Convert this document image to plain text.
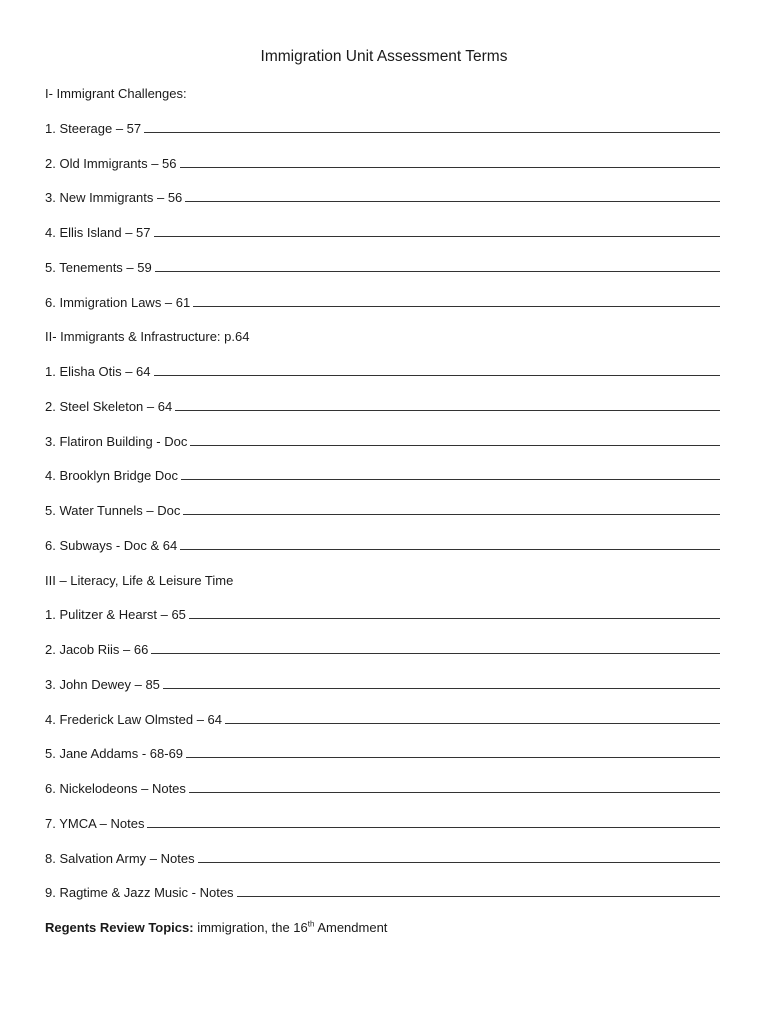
Immigration Unit Assessment Terms
I- Immigrant Challenges:
1. Steerage – 57
2. Old Immigrants – 56
3. New Immigrants – 56
4. Ellis Island – 57
5. Tenements – 59
6. Immigration Laws – 61
II- Immigrants & Infrastructure: p.64
1. Elisha Otis – 64
2. Steel Skeleton – 64
3. Flatiron Building - Doc
4. Brooklyn Bridge Doc
5. Water Tunnels – Doc
6. Subways - Doc & 64
III – Literacy, Life & Leisure Time
1. Pulitzer & Hearst – 65
2. Jacob Riis – 66
3. John Dewey – 85
4. Frederick Law Olmsted – 64
5. Jane Addams - 68-69
6. Nickelodeons – Notes
7. YMCA – Notes
8. Salvation Army – Notes
9. Ragtime & Jazz Music - Notes
Regents Review Topics: immigration, the 16th Amendment
